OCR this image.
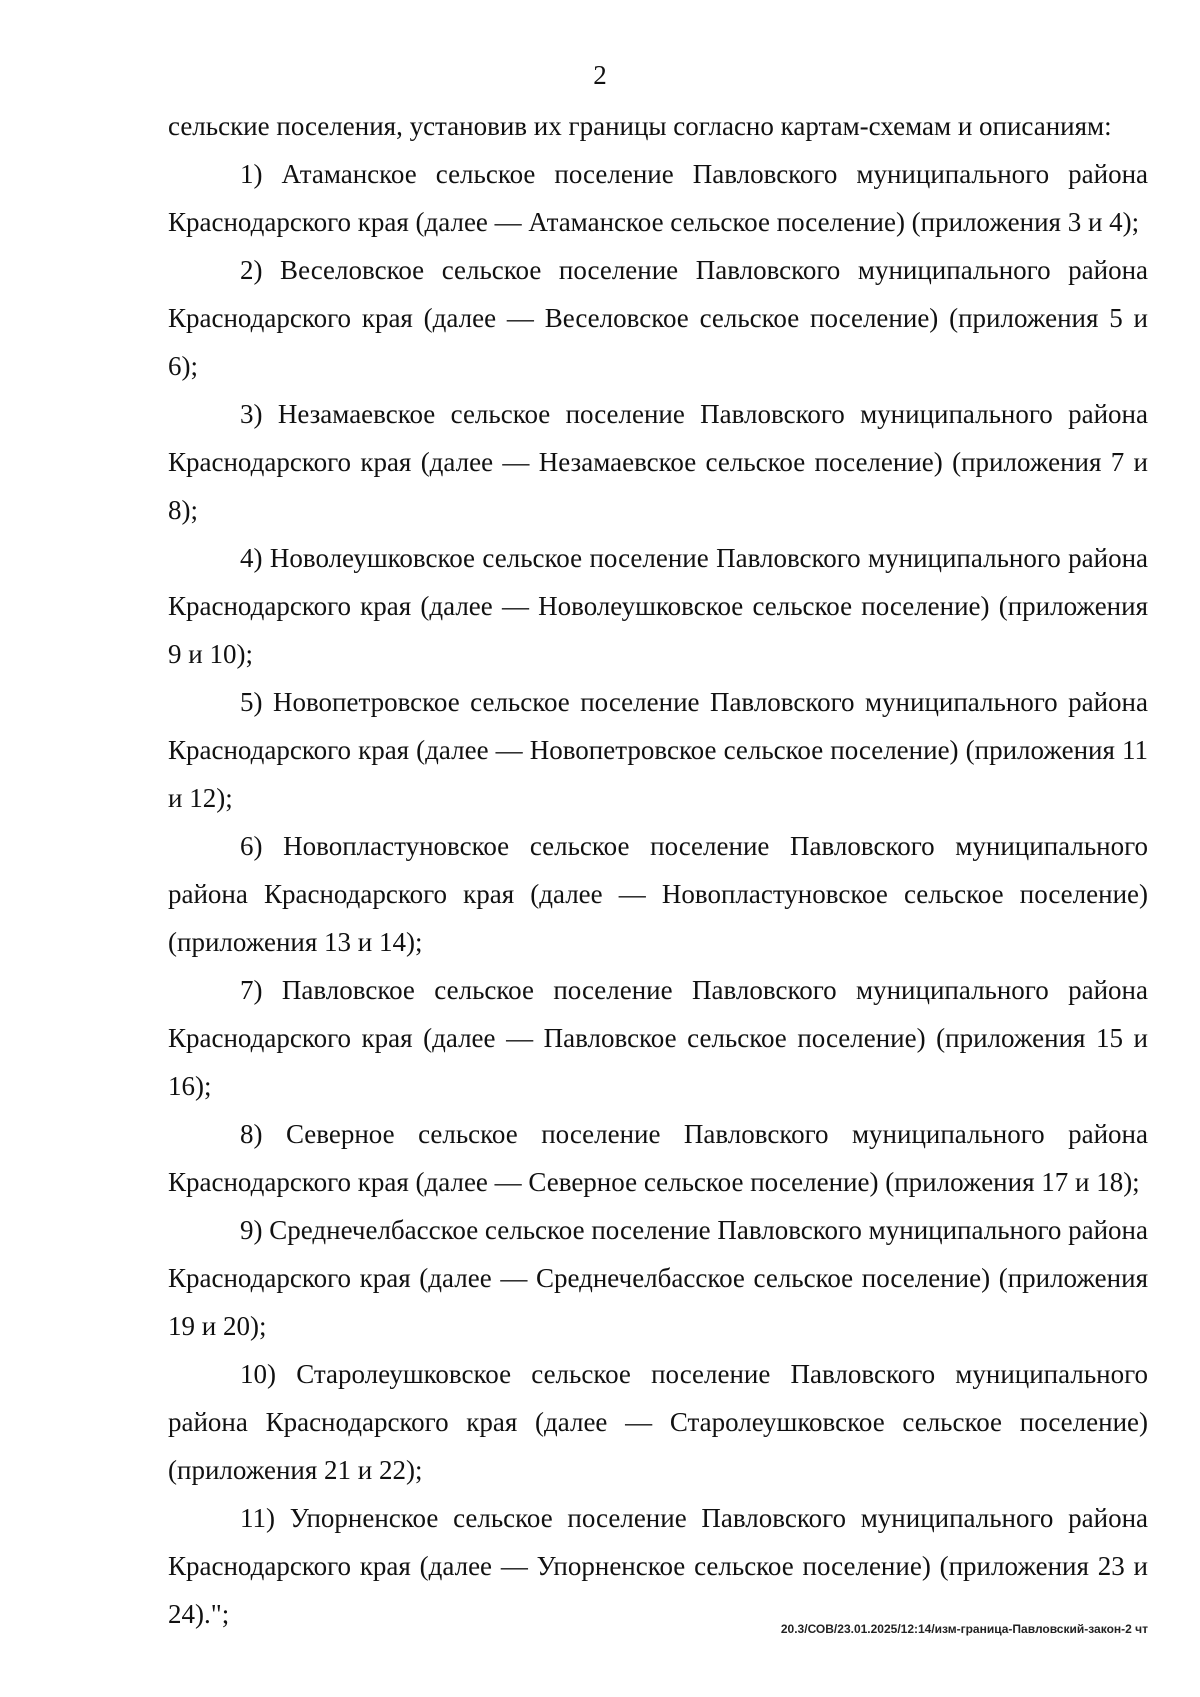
2

сельские поселения, установив их границы согласно картам-схемам и описаниям:

1) Атаманское сельское поселение Павловского муниципального района Краснодарского края (далее — Атаманское сельское поселение) (приложения 3 и 4);

2) Веселовское сельское поселение Павловского муниципального района Краснодарского края (далее — Веселовское сельское поселение) (приложения 5 и 6);

3) Незамаевское сельское поселение Павловского муниципального района Краснодарского края (далее — Незамаевское сельское поселение) (приложения 7 и 8);

4) Новолеушковское сельское поселение Павловского муниципального района Краснодарского края (далее — Новолеушковское сельское поселение) (приложения 9 и 10);

5) Новопетровское сельское поселение Павловского муниципального района Краснодарского края (далее — Новопетровское сельское поселение) (приложения 11 и 12);

6) Новопластуновское сельское поселение Павловского муниципального района Краснодарского края (далее — Новопластуновское сельское поселение) (приложения 13 и 14);

7) Павловское сельское поселение Павловского муниципального района Краснодарского края (далее — Павловское сельское поселение) (приложения 15 и 16);

8) Северное сельское поселение Павловского муниципального района Краснодарского края (далее — Северное сельское поселение) (приложения 17 и 18);

9) Среднечелбасское сельское поселение Павловского муниципального района Краснодарского края (далее — Среднечелбасское сельское поселение) (приложения 19 и 20);

10) Старолеушковское сельское поселение Павловского муниципального района Краснодарского края (далее — Старолеушковское сельское поселение) (приложения 21 и 22);

11) Упорненское сельское поселение Павловского муниципального района Краснодарского края (далее — Упорненское сельское поселение) (приложения 23 и 24).";	20.3/СОВ/23.01.2025/12:14/изм-граница-Павловский-закон-2 чт
